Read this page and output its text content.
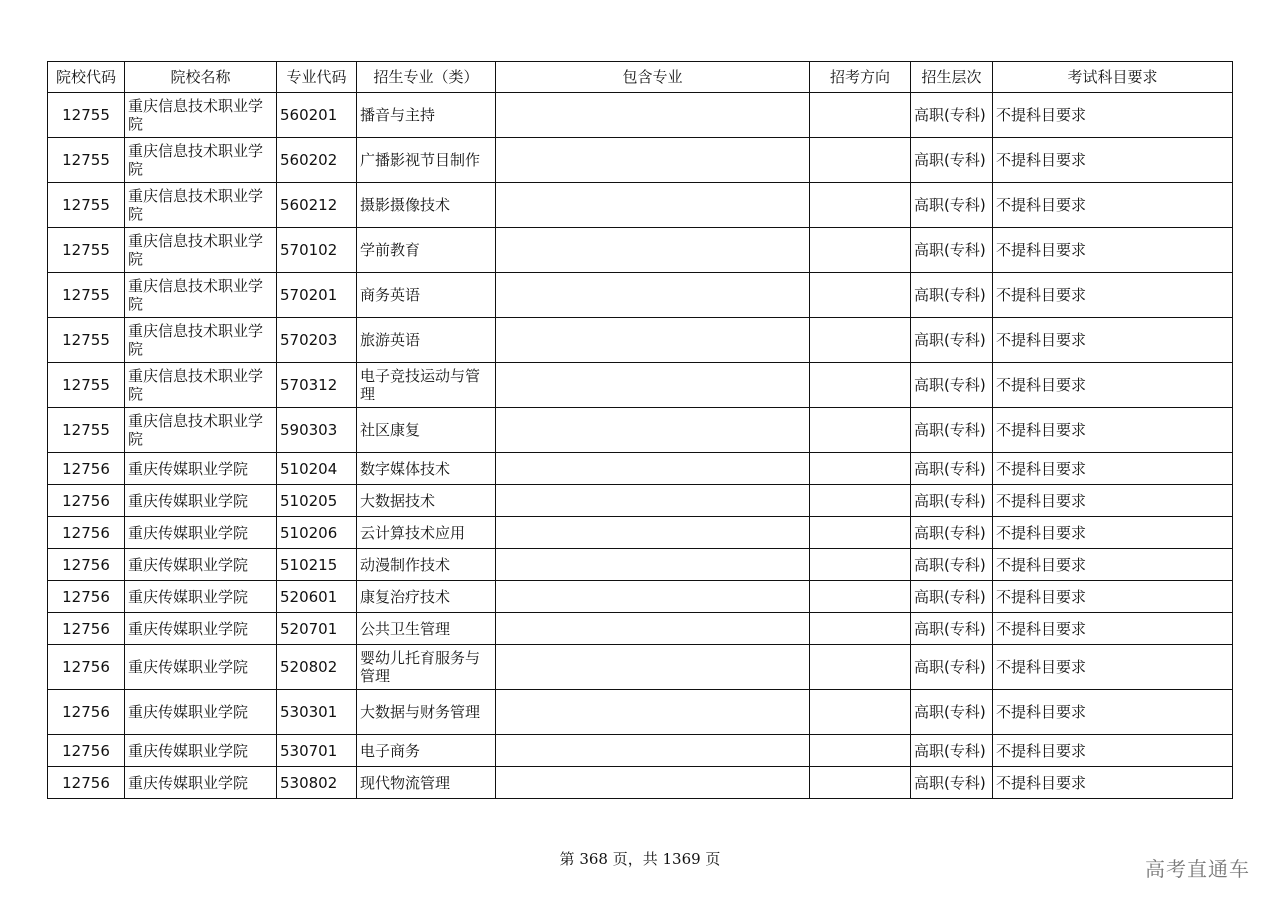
院校代码	院校名称	专业代码	招生专业（类）	包含专业	招考方向	招生层次	考试科目要求
12755	重庆信息技术职业学院	560201	播音与主持			高职(专科)	不提科目要求
12755	重庆信息技术职业学院	560202	广播影视节目制作			高职(专科)	不提科目要求
12755	重庆信息技术职业学院	560212	摄影摄像技术			高职(专科)	不提科目要求
12755	重庆信息技术职业学院	570102	学前教育			高职(专科)	不提科目要求
12755	重庆信息技术职业学院	570201	商务英语			高职(专科)	不提科目要求
12755	重庆信息技术职业学院	570203	旅游英语			高职(专科)	不提科目要求
12755	重庆信息技术职业学院	570312	电子竞技运动与管理			高职(专科)	不提科目要求
12755	重庆信息技术职业学院	590303	社区康复			高职(专科)	不提科目要求
12756	重庆传媒职业学院	510204	数字媒体技术			高职(专科)	不提科目要求
12756	重庆传媒职业学院	510205	大数据技术			高职(专科)	不提科目要求
12756	重庆传媒职业学院	510206	云计算技术应用			高职(专科)	不提科目要求
12756	重庆传媒职业学院	510215	动漫制作技术			高职(专科)	不提科目要求
12756	重庆传媒职业学院	520601	康复治疗技术			高职(专科)	不提科目要求
12756	重庆传媒职业学院	520701	公共卫生管理			高职(专科)	不提科目要求
12756	重庆传媒职业学院	520802	婴幼儿托育服务与管理			高职(专科)	不提科目要求
12756	重庆传媒职业学院	530301	大数据与财务管理			高职(专科)	不提科目要求
12756	重庆传媒职业学院	530701	电子商务			高职(专科)	不提科目要求
12756	重庆传媒职业学院	530802	现代物流管理			高职(专科)	不提科目要求
第 368 页，共 1369 页	高考直通车
